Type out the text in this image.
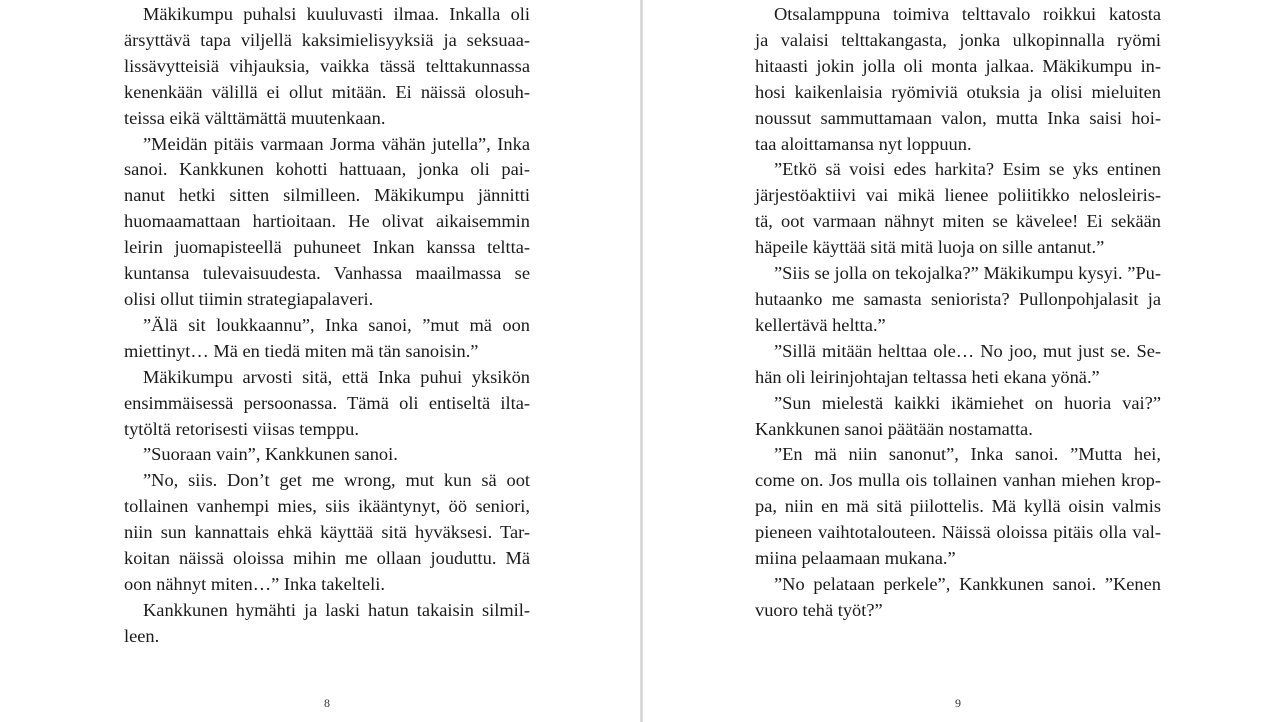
Mäkikumpu puhalsi kuuluvasti ilmaa. Inkalla oli
ärsyttävä tapa viljellä kaksimielisyyksiä ja seksuaa-
lissävytteisiä vihjauksia, vaikka tässä telttakunnassa
kenenkään välillä ei ollut mitään. Ei näissä olosuh-
teissa eikä välttämättä muutenkaan.
”Meidän pitäis varmaan Jorma vähän jutella”, Inka
sanoi. Kankkunen kohotti hattuaan, jonka oli pai-
nanut hetki sitten silmilleen. Mäkikumpu jännitti
huomaamattaan hartioitaan. He olivat aikaisemmin
leirin juomapisteellä puhuneet Inkan kanssa teltta-
kuntansa tulevaisuudesta. Vanhassa maailmassa se
olisi ollut tiimin strategiapalaveri.
”Älä sit loukkaannu”, Inka sanoi, ”mut mä oon
miettinyt… Mä en tiedä miten mä tän sanoisin.”
Mäkikumpu arvosti sitä, että Inka puhui yksikön
ensimmäisessä persoonassa. Tämä oli entiseltä ilta-
tytöltä retorisesti viisas temppu.
”Suoraan vain”, Kankkunen sanoi.
”No, siis. Don’t get me wrong, mut kun sä oot
tollainen vanhempi mies, siis ikääntynyt, öö seniori,
niin sun kannattais ehkä käyttää sitä hyväksesi. Tar-
koitan näissä oloissa mihin me ollaan jouduttu. Mä
oon nähnyt miten…” Inka takelteli.
Kankkunen hymähti ja laski hatun takaisin silmil-
leen.
8
Otsalamppuna toimiva telttavalo roikkui katosta
ja valaisi telttakangasta, jonka ulkopinnalla ryömi
hitaasti jokin jolla oli monta jalkaa. Mäkikumpu in-
hosi kaikenlaisia ryömiviä otuksia ja olisi mieluiten
noussut sammuttamaan valon, mutta Inka saisi hoi-
taa aloittamansa nyt loppuun.
”Etkö sä voisi edes harkita? Esim se yks entinen
järjestöaktiivi vai mikä lienee poliitikko nelosleiris-
tä, oot varmaan nähnyt miten se kävelee! Ei sekään
häpeile käyttää sitä mitä luoja on sille antanut.”
”Siis se jolla on tekojalka?” Mäkikumpu kysyi. ”Pu-
hutaanko me samasta seniorista? Pullonpohjalasit ja
kellertävä heltta.”
”Sillä mitään helttaa ole… No joo, mut just se. Se-
hän oli leirinjohtajan teltassa heti ekana yönä.”
”Sun mielestä kaikki ikämiehet on huoria vai?”
Kankkunen sanoi päätään nostamatta.
”En mä niin sanonut”, Inka sanoi. ”Mutta hei,
come on. Jos mulla ois tollainen vanhan miehen krop-
pa, niin en mä sitä piilottelis. Mä kyllä oisin valmis
pieneen vaihtotalouteen. Näissä oloissa pitäis olla val-
miina pelaamaan mukana.”
”No pelataan perkele”, Kankkunen sanoi. ”Kenen
vuoro tehä työt?”
9
